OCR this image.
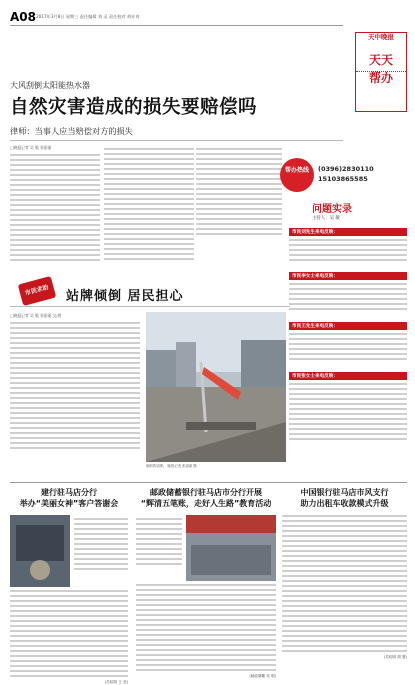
A08 2017年3月8日 星期三 责任编辑 刘 灵 责任校对 胡亦冉
天中晚报
天天
帮办
大风刮倒太阳能热水器
自然灾害造成的损失要赔偿吗
律师：当事人应当赔偿对方的损失
□晚报记者 吴 敏 张丽丽
帮办热线	(0396)2830110
15103865585
问题实录
主持人：吴 敏
市民刘先生来电反映：
市民李女士来电反映：
市民王先生来电反映：
市民张女士来电反映：
市民求助	站牌倾倒 居民担心
□晚报记者 吴 敏 张丽丽 文/图
倾倒的站牌。 晚报记者 张丽丽 摄
建行驻马店分行
举办“美丽女神”客户答谢会
(苏绍明 王 莹)
邮政储蓄银行驻马店市分行开展
“辉清五笔账，走好人生路”教育活动
(邮政储蓄 吴 明)
中国银行驻马店市风支行
助力出租车收款模式升级
(苏绍明 胡 慧)
